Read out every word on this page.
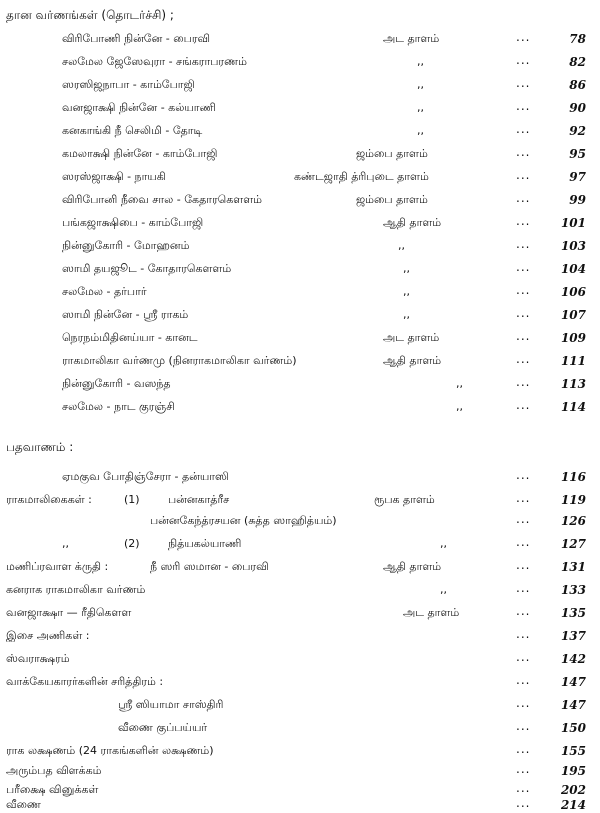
தான வர்ணங்கள் (தொடர்ச்சி) ;
விரிபோணி நின்னே - பைரவி	அட தாளம்	...	78
சலமேல ஜேஸேவுரா - சங்கராபரணம்	,,	...	82
ஸரஸிஜநாபா - காம்போஜி	,,	...	86
வனஜாக்ஷி நின்னே - கல்யாணி	,,	...	90
கனகாங்கி நீ செலிமி - தோடி	,,	...	92
கமலாக்ஷி நின்னே - காம்போஜி	ஜம்பை தாளம்	...	95
ஸரஸ்ஜாக்ஷி - நாயகி	கண்டஜாதி த்ரிபுடை தாளம்	...	97
விரிபோனி நீவை சால - கேதாரகௌளம்	ஜம்பை தாளம்	...	99
பங்கஜாக்ஷிபை - காம்போஜி	ஆதி தாளம்	...	101
நின்னுகோரி - மோஹனம்	,,	...	103
ஸாமி தயஜூட - கோதாரகௌளம்	,,	...	104
சலமேல - தர்பார்	,,	...	106
ஸாமி நின்னே - ஸ்ரீ ராகம்	,,	...	107
நெரநம்மிதினய்யா - கானட	அட தாளம்	...	109
ராகமாலிகா வர்ணமு (நினராகமாலிகா வர்ணம்)	ஆதி தாளம்	...	111
நின்னுகோரி - வஸந்த	,,	...	113
சலமேல - நாட குரஞ்சி	,,	...	114
பதவாணம் :
ஏமகுவ போதிஞ்சேரா - தன்யாஸி	...	116
ராகமாலிகைகள் :	(1)	பன்னகாத்ரீச	ரூபக தாளம்	...	119
பன்னகேந்த்ரசயன (சுத்த ஸாஹித்யம்)	...	126
,,	(2)	நித்யகல்யாணி	,,	...	127
மணிப்ரவாள க்ருதி :	நீ ஸரி ஸமான - பைரவி	ஆதி தாளம்	...	131
கனராக ராகமாலிகா வர்ணம்	,,	...	133
வனஜாக்ஷா — ரீதிகௌள	அட தாளம்	...	135
இசை அணிகள் :	...	137
ஸ்வராக்ஷரம்	...	142
வாக்கேயகாரர்களின் சரித்திரம் :	...	147
ஸ்ரீ ஸியாமா சாஸ்திரி	...	147
வீணை குப்பய்யர்	...	150
ராக லக்ஷணம் (24 ராகங்களின் லக்ஷணம்)	...	155
அரும்பத விளக்கம்	...	195
பரீக்ஷை வினுக்கள்	...	202
வீணை	...	214
